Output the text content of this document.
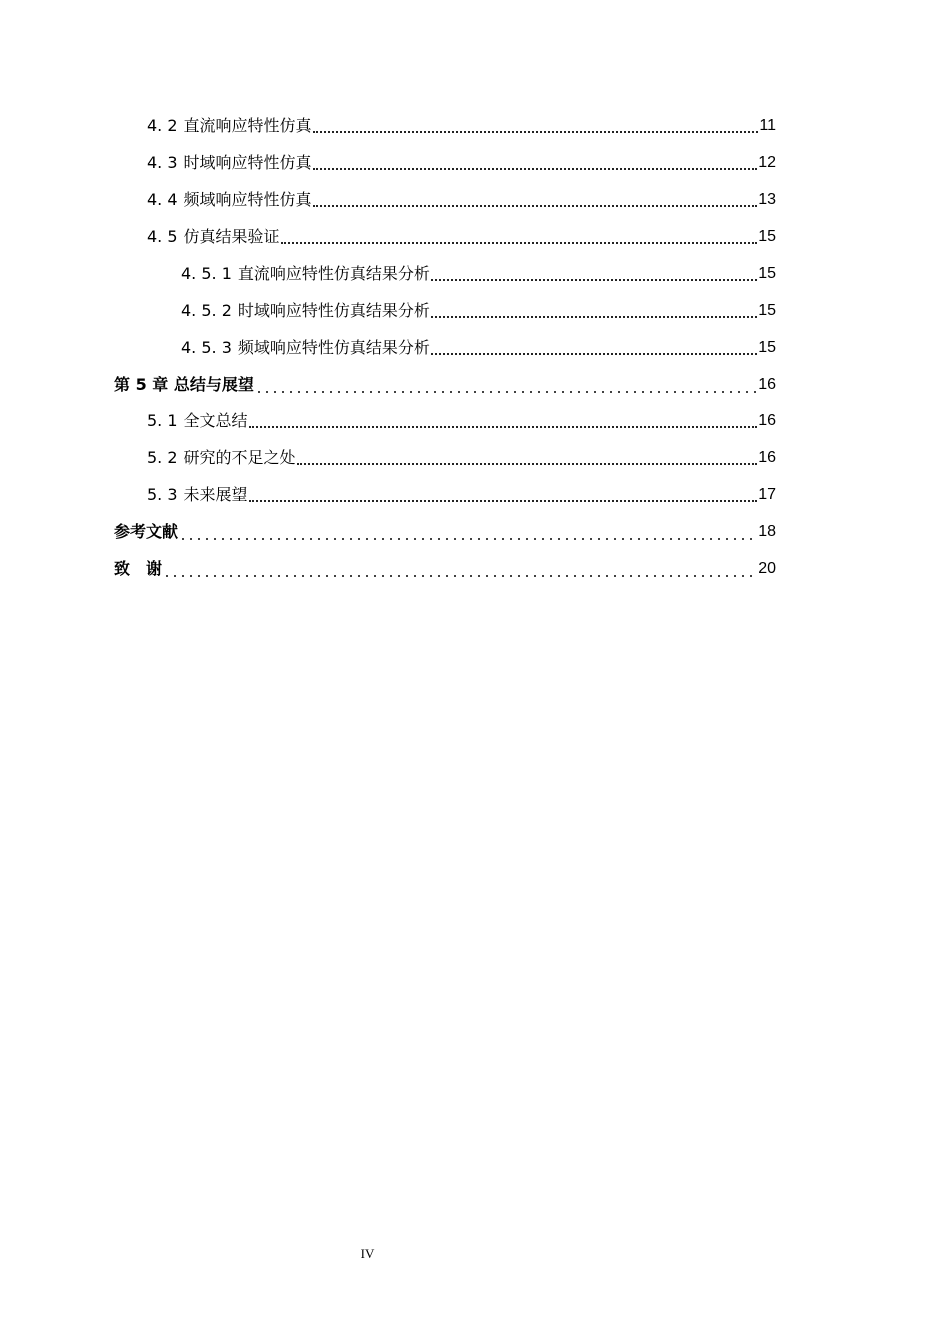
4. 2 直流响应特性仿真	11
4. 3 时域响应特性仿真	12
4. 4 频域响应特性仿真	13
4. 5 仿真结果验证	15
4. 5. 1 直流响应特性仿真结果分析	15
4. 5. 2 时域响应特性仿真结果分析	15
4. 5. 3 频域响应特性仿真结果分析	15
第 5 章 总结与展望	16
5. 1 全文总结	16
5. 2 研究的不足之处	16
5. 3 未来展望	17
参考文献	18
致　谢	20
IV
